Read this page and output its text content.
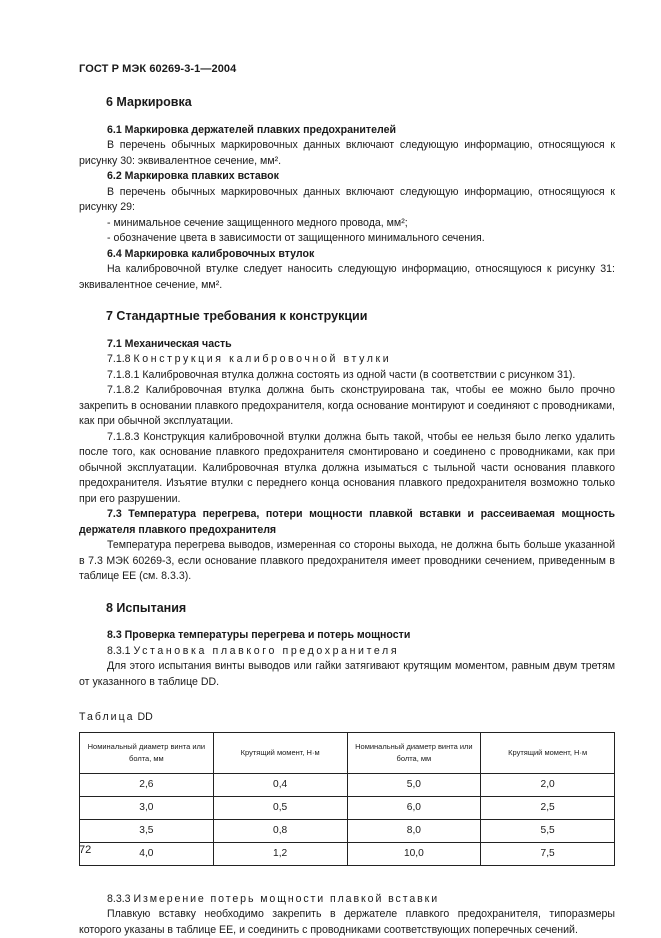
ГОСТ Р МЭК 60269-3-1—2004
6 Маркировка
6.1 Маркировка держателей плавких предохранителей

В перечень обычных маркировочных данных включают следующую информацию, относящуюся к рисунку 30: эквивалентное сечение, мм².

6.2 Маркировка плавких вставок

В перечень обычных маркировочных данных включают следующую информацию, относящуюся к рисунку 29:

- минимальное сечение защищенного медного провода, мм²;
- обозначение цвета в зависимости от защищенного минимального сечения.
6.4 Маркировка калибровочных втулок

На калибровочной втулке следует наносить следующую информацию, относящуюся к рисунку 31: эквивалентное сечение, мм².

7 Стандартные требования к конструкции
7.1 Механическая часть
7.1.8 Конструкция калибровочной втулки

7.1.8.1 Калибровочная втулка должна состоять из одной части (в соответствии с рисунком 31).

7.1.8.2 Калибровочная втулка должна быть сконструирована так, чтобы ее можно было прочно закрепить в основании плавкого предохранителя, когда основание монтируют и соединяют с проводниками, как при обычной эксплуатации.

7.1.8.3 Конструкция калибровочной втулки должна быть такой, чтобы ее нельзя было легко удалить после того, как основание плавкого предохранителя смонтировано и соединено с проводниками, как при обычной эксплуатации. Калибровочная втулка должна изыматься с тыльной части основания плавкого предохранителя. Изъятие втулки с переднего конца основания плавкого предохранителя возможно только при его разрушении.

7.3 Температура перегрева, потери мощности плавкой вставки и рассеиваемая мощность держателя плавкого предохранителя

Температура перегрева выводов, измеренная со стороны выхода, не должна быть больше указанной в 7.3 МЭК 60269-3, если основание плавкого предохранителя имеет проводники сечением, приведенным в таблице ЕЕ (см. 8.3.3).

8 Испытания
8.3 Проверка температуры перегрева и потерь мощности
8.3.1 Установка плавкого предохранителя

Для этого испытания винты выводов или гайки затягивают крутящим моментом, равным двум третям от указанного в таблице DD.

Таблица DD
Номинальный диаметр винта или болта, мм	Крутящий момент, Н·м	Номинальный диаметр винта или болта, мм	Крутящий момент, Н·м
2,6	0,4	5,0	2,0
3,0	0,5	6,0	2,5
3,5	0,8	8,0	5,5
4,0	1,2	10,0	7,5
8.3.3 Измерение потерь мощности плавкой вставки

Плавкую вставку необходимо закрепить в держателе плавкого предохранителя, типоразмеры которого указаны в таблице ЕЕ, и соединить с проводниками соответствующих поперечных сечений.

72
